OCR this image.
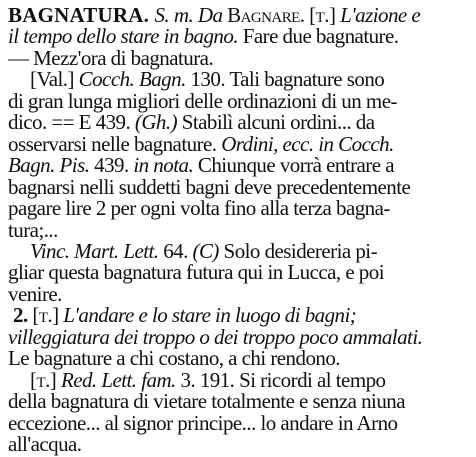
BAGNATURA. S. m. Da Bagnare. [t.] L'azione e
il tempo dello stare in bagno. Fare due bagnature.
— Mezz'ora di bagnatura.
[Val.] Cocch. Bagn. 130. Tali bagnature sono
di gran lunga migliori delle ordinazioni di un me-
dico. == E 439. (Gh.) Stabilì alcuni ordini... da
osservarsi nelle bagnature. Ordini, ecc. in Cocch.
Bagn. Pis. 439. in nota. Chiunque vorrà entrare a
bagnarsi nelli suddetti bagni deve precedentemente
pagare lire 2 per ogni volta fino alla terza bagna-
tura;...
Vinc. Mart. Lett. 64. (C) Solo desidereria pi-
gliar questa bagnatura futura qui in Lucca, e poi
venire.
2. [t.] L'andare e lo stare in luogo di bagni;
villeggiatura dei troppo o dei troppo poco ammalati.
Le bagnature a chi costano, a chi rendono.
[t.] Red. Lett. fam. 3. 191. Si ricordi al tempo
della bagnatura di vietare totalmente e senza niuna
eccezione... al signor principe... lo andare in Arno
all'acqua.
